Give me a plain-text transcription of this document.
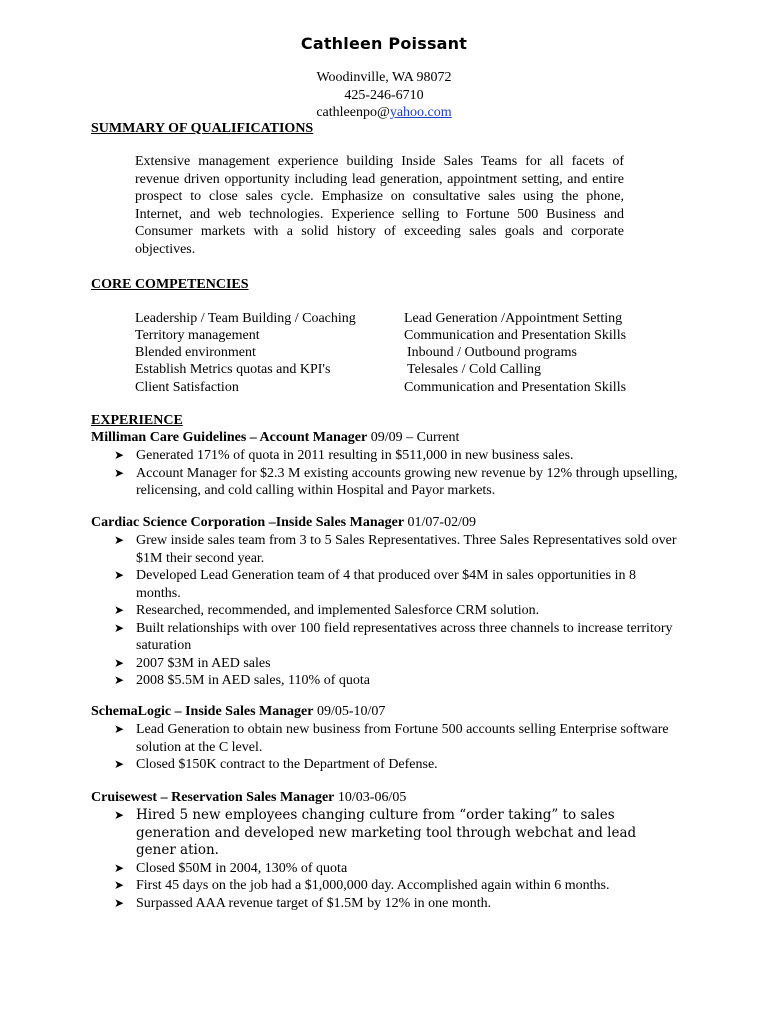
Cathleen Poissant
Woodinville, WA 98072
425-246-6710
cathleenpo@yahoo.com
SUMMARY OF QUALIFICATIONS
Extensive management experience building Inside Sales Teams for all facets of revenue driven opportunity including lead generation, appointment setting, and entire prospect to close sales cycle. Emphasize on consultative sales using the phone, Internet, and web technologies. Experience selling to Fortune 500 Business and Consumer markets with a solid history of exceeding sales goals and corporate objectives.
CORE COMPETENCIES
Leadership / Team Building / Coaching
Territory management
Blended environment
Establish Metrics quotas and KPI's
Client Satisfaction
Lead Generation /Appointment Setting
Communication and Presentation Skills
Inbound / Outbound programs
Telesales / Cold Calling
Communication and Presentation Skills
EXPERIENCE
Milliman Care Guidelines – Account Manager 09/09 – Current
➤ Generated 171% of quota in 2011 resulting in $511,000 in new business sales.
➤ Account Manager for $2.3 M existing accounts growing new revenue by 12% through upselling, relicensing, and cold calling within Hospital and Payor markets.
Cardiac Science Corporation –Inside Sales Manager 01/07-02/09
➤ Grew inside sales team from 3 to 5 Sales Representatives. Three Sales Representatives sold over $1M their second year.
➤ Developed Lead Generation team of 4 that produced over $4M in sales opportunities in 8 months.
➤ Researched, recommended, and implemented Salesforce CRM solution.
➤ Built relationships with over 100 field representatives across three channels to increase territory saturation
➤ 2007 $3M in AED sales
➤ 2008 $5.5M in AED sales, 110% of quota
SchemaLogic – Inside Sales Manager 09/05-10/07
➤ Lead Generation to obtain new business from Fortune 500 accounts selling Enterprise software solution at the C level.
➤ Closed $150K contract to the Department of Defense.
Cruisewest – Reservation Sales Manager 10/03-06/05
➤ Hired 5 new employees changing culture from “order taking” to sales generation and developed new marketing tool through webchat and lead gener ation.
➤ Closed $50M in 2004, 130% of quota
➤ First 45 days on the job had a $1,000,000 day. Accomplished again within 6 months.
➤ Surpassed AAA revenue target of $1.5M by 12% in one month.
